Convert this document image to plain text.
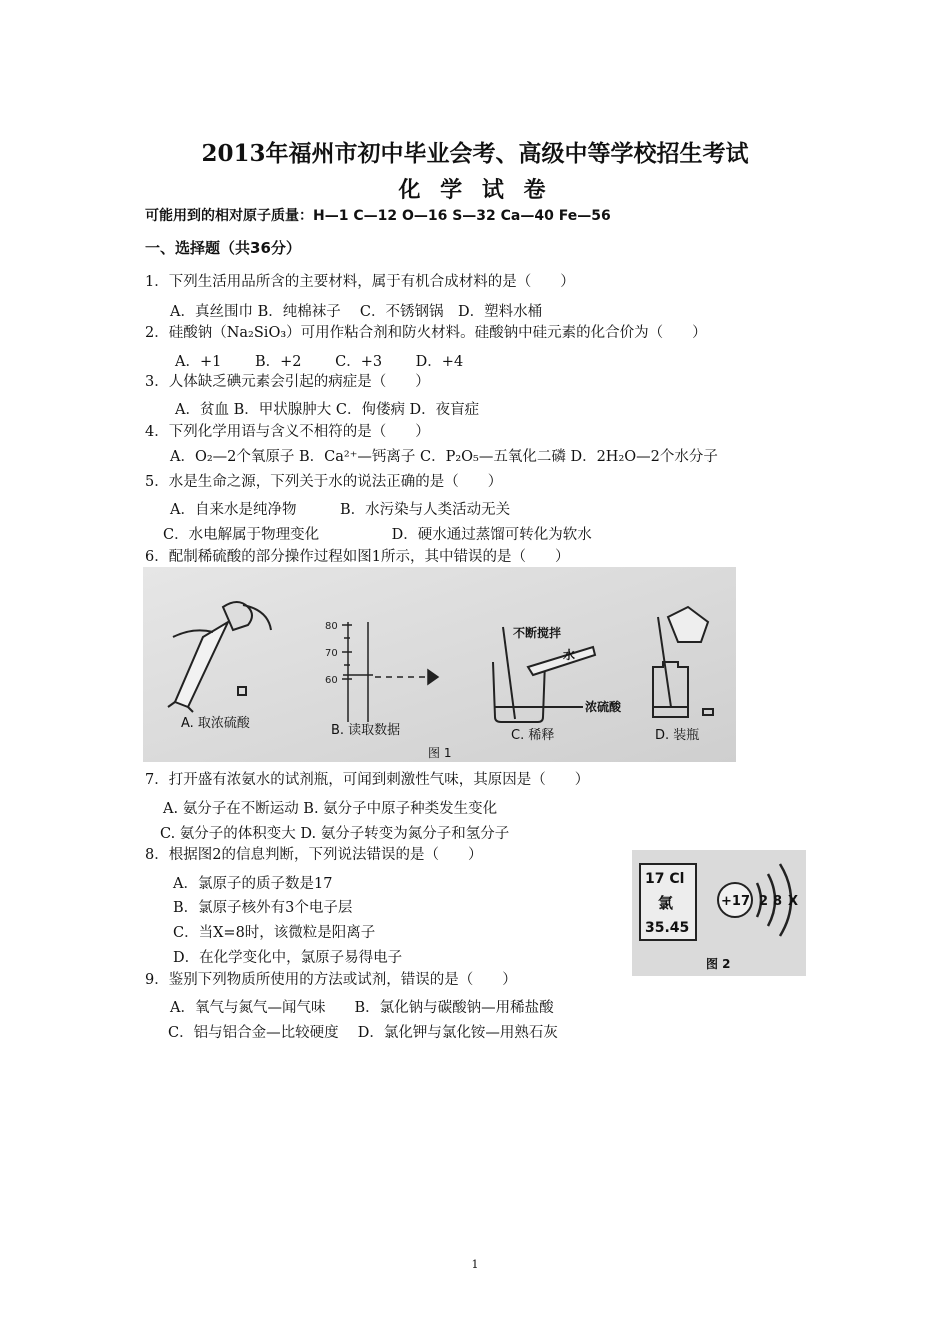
2013年福州市初中毕业会考、高级中等学校招生考试
化 学 试 卷
可能用到的相对原子质量：H—1 C—12 O—16 S—32 Ca—40 Fe—56
一、选择题（共36分）
1．下列生活用品所含的主要材料，属于有机合成材料的是（　　）
A．真丝围巾 B．纯棉袜子　 C．不锈钢锅　D．塑料水桶
2．硅酸钠（Na₂SiO₃）可用作粘合剂和防火材料。硅酸钠中硅元素的化合价为（　　）
A．+1　　 B．+2　　 C．+3　　 D．+4
3．人体缺乏碘元素会引起的病症是（　　）
A．贫血 B．甲状腺肿大 C．佝偻病 D．夜盲症
4．下列化学用语与含义不相符的是（　　）
A．O₂—2个氧原子 B．Ca²⁺—钙离子 C．P₂O₅—五氧化二磷 D．2H₂O—2个水分子
5．水是生命之源，下列关于水的说法正确的是（　　）
A．自来水是纯净物　　　B．水污染与人类活动无关
C．水电解属于物理变化　　　　　D．硬水通过蒸馏可转化为软水
6．配制稀硫酸的部分操作过程如图1所示，其中错误的是（　　）
80
70
60
不断搅拌
水
浓硫酸
A. 取浓硫酸	B. 读取数据	C. 稀释	D. 装瓶
图 1
7．打开盛有浓氨水的试剂瓶，可闻到刺激性气味，其原因是（　　）
A. 氨分子在不断运动 B. 氨分子中原子种类发生变化
C. 氨分子的体积变大 D. 氨分子转变为氮分子和氢分子
8．根据图2的信息判断，下列说法错误的是（　　）
A．氯原子的质子数是17
B．氯原子核外有3个电子层
C．当X=8时，该微粒是阳离子
D．在化学变化中，氯原子易得电子
17 Cl
氯
35.45
+17 2 8 X
图 2
9．鉴别下列物质所使用的方法或试剂，错误的是（　　）
A．氧气与氮气—闻气味　　B．氯化钠与碳酸钠—用稀盐酸
C．铝与铝合金—比较硬度　 D．氯化钾与氯化铵—用熟石灰
1
